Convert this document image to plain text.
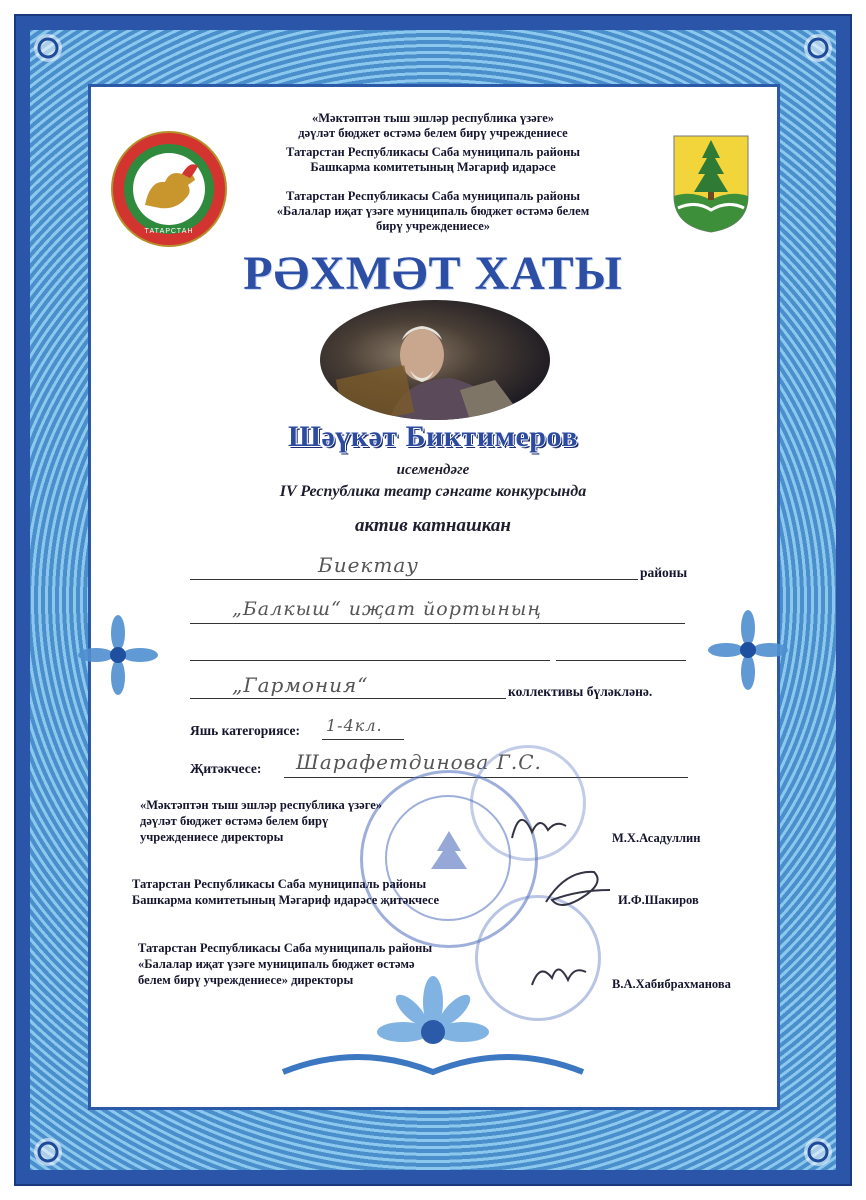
ТАТАРСТАН
«Мәктәптән тыш эшләр республика үзәге»
дәүләт бюджет өстәмә белем бирү учреждениесе
Татарстан Республикасы Саба муниципаль районы
Башкарма комитетының Мәгариф идарәсе
Татарстан Республикасы Саба муниципаль районы
«Балалар иҗат үзәге муниципаль бюджет өстәмә белем
бирү учреждениесе»
РӘХМӘТ ХАТЫ
Шәүкәт Биктимеров
исемендәге
IV Республика театр сәнгате конкурсында
актив катнашкан
Биектау	районы
„Балкыш“ иҗат йортының
„Гармония“	коллективы бүләкләнә.
Яшь категориясе: 1-4кл.
Җитәкчесе: Шарафетдинова Г.С.
«Мәктәптән тыш эшләр республика үзәге»
дәүләт бюджет өстәмә белем бирү
учреждениесе директоры	М.Х.Асадуллин
Татарстан Республикасы Саба муниципаль районы
Башкарма комитетының Мәгариф идарәсе җитәкчесе	И.Ф.Шакиров
Татарстан Республикасы Саба муниципаль районы
«Балалар иҗат үзәге муниципаль бюджет өстәмә
белем бирү учреждениесе» директоры	В.А.Хабибрахманова
